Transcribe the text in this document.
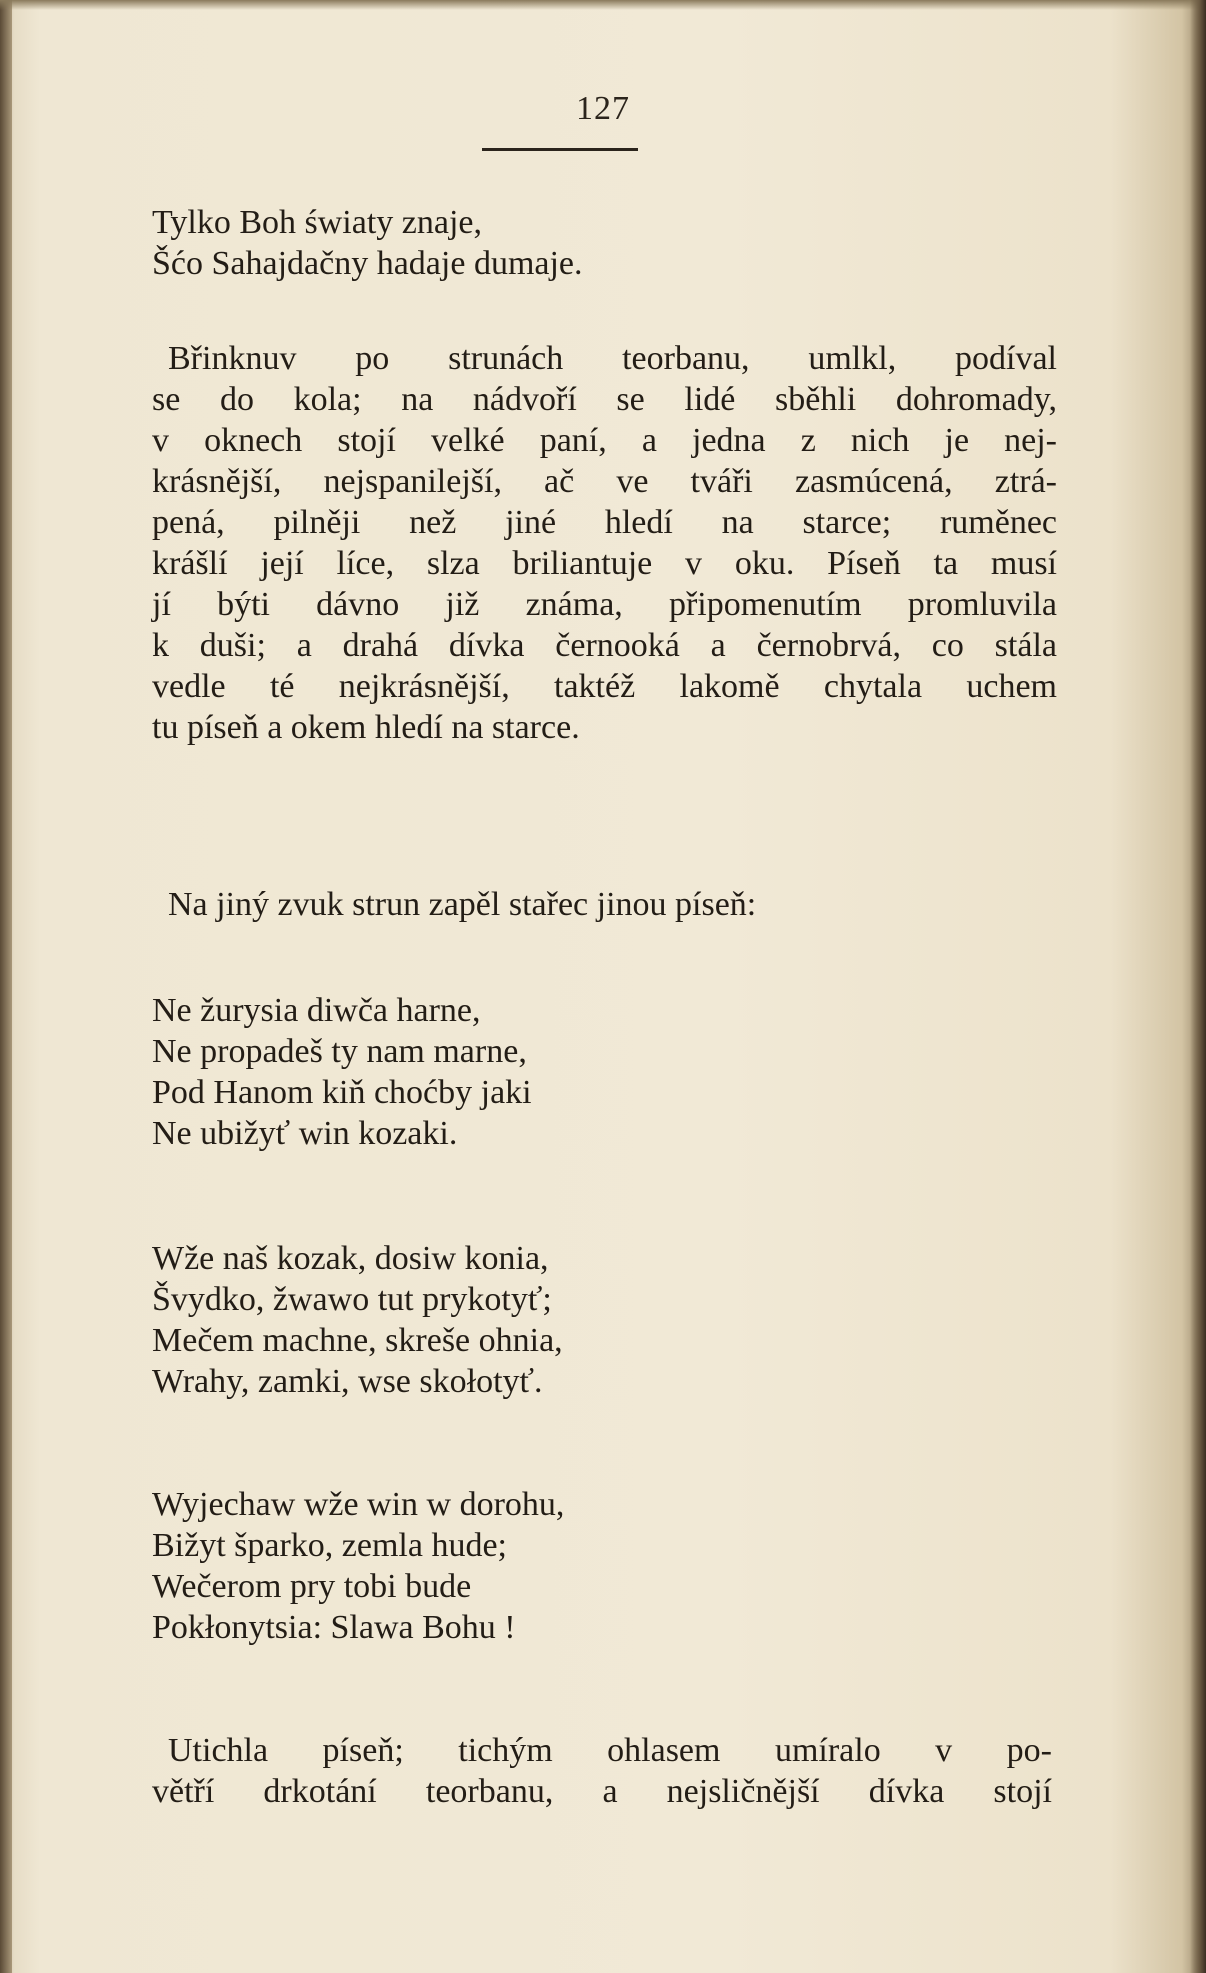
127
Tylko Boh światy znaje,
Šćo Sahajdačny hadaje dumaje.
Břinknuv po strunách teorbanu, umlkl, podíval
se do kola; na nádvoří se lidé sběhli dohromady,
v oknech stojí velké paní, a jedna z nich je nej-
krásnější, nejspanilejší, ač ve tváři zasmúcená, ztrá-
pená, pilněji než jiné hledí na starce; ruměnec
krášlí její líce, slza briliantuje v oku. Píseň ta musí
jí býti dávno již známa, připomenutím promluvila
k duši; a drahá dívka černooká a černobrvá, co stála
vedle té nejkrásnější, taktéž lakomě chytala uchem
tu píseň a okem hledí na starce.
Na jiný zvuk strun zapěl stařec jinou píseň:
Ne žurysia diwča harne,
Ne propadeš ty nam marne,
Pod Hanom kiň choćby jaki
Ne ubižyť win kozaki.
Wže naš kozak, dosiw konia,
Švydko, žwawo tut prykotyť;
Mečem machne, skreše ohnia,
Wrahy, zamki, wse skołotyť.
Wyjechaw wže win w dorohu,
Bižyt šparko, zemla hude;
Wečerom pry tobi bude
Pokłonytsia: Slawa Bohu !
Utichla píseň; tichým ohlasem umíralo v po-
větří drkotání teorbanu, a nejsličnější dívka stojí
